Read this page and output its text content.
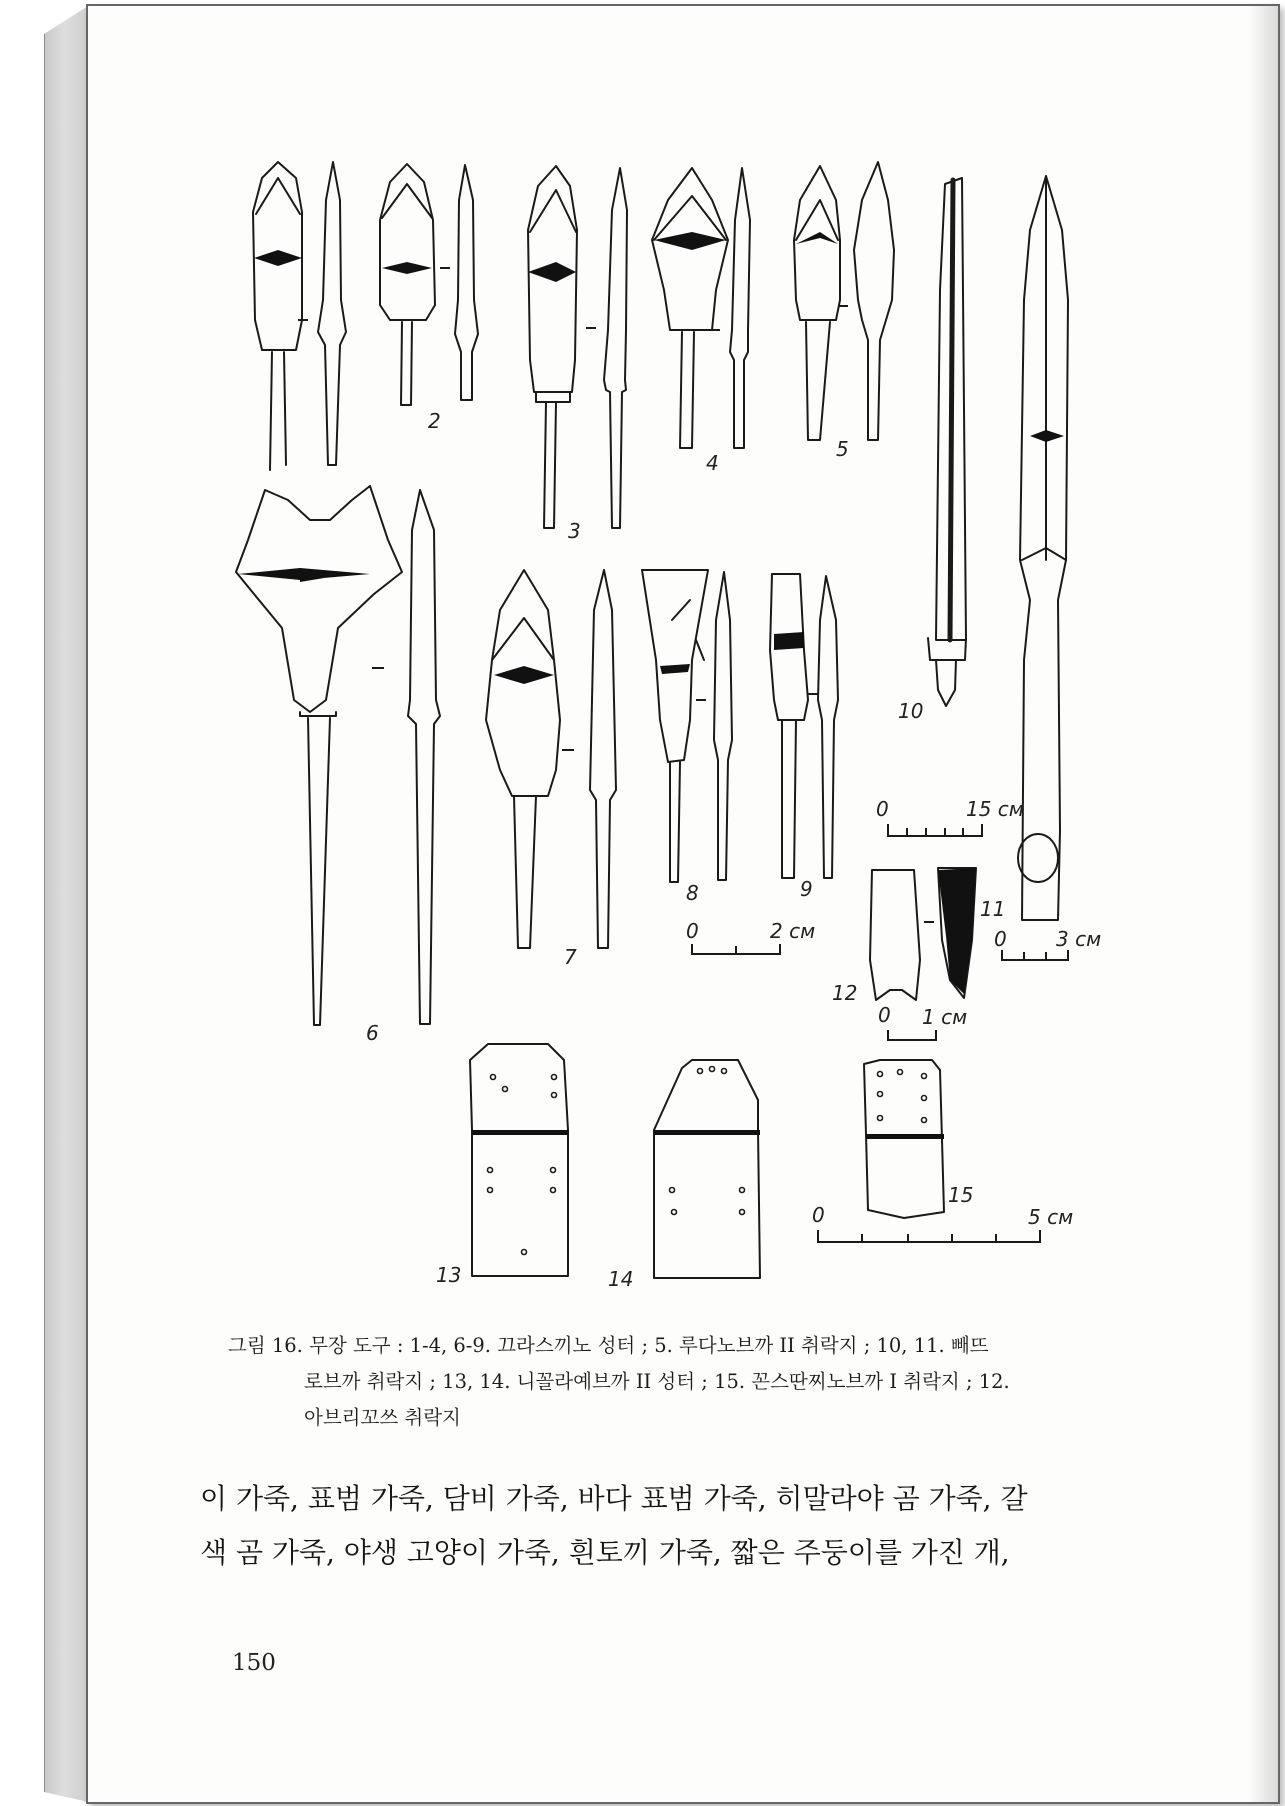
2
3
4
5
6
7
8	9
10
11
12
13	14
15
0	15 см
0	2 см	0 3 см
0 1 см
0	5 см
그림 16. 무장 도구 : 1-4, 6-9. 끄라스끼노 성터 ; 5. 루다노브까 II 취락지 ; 10, 11. 빼뜨
로브까 취락지 ; 13, 14. 니꼴라예브까 II 성터 ; 15. 꼰스딴찌노브까 I 취락지 ; 12.
아브리꼬쓰 취락지
이 가죽, 표범 가죽, 담비 가죽, 바다 표범 가죽, 히말라야 곰 가죽, 갈
색 곰 가죽, 야생 고양이 가죽, 흰토끼 가죽, 짧은 주둥이를 가진 개,
150
